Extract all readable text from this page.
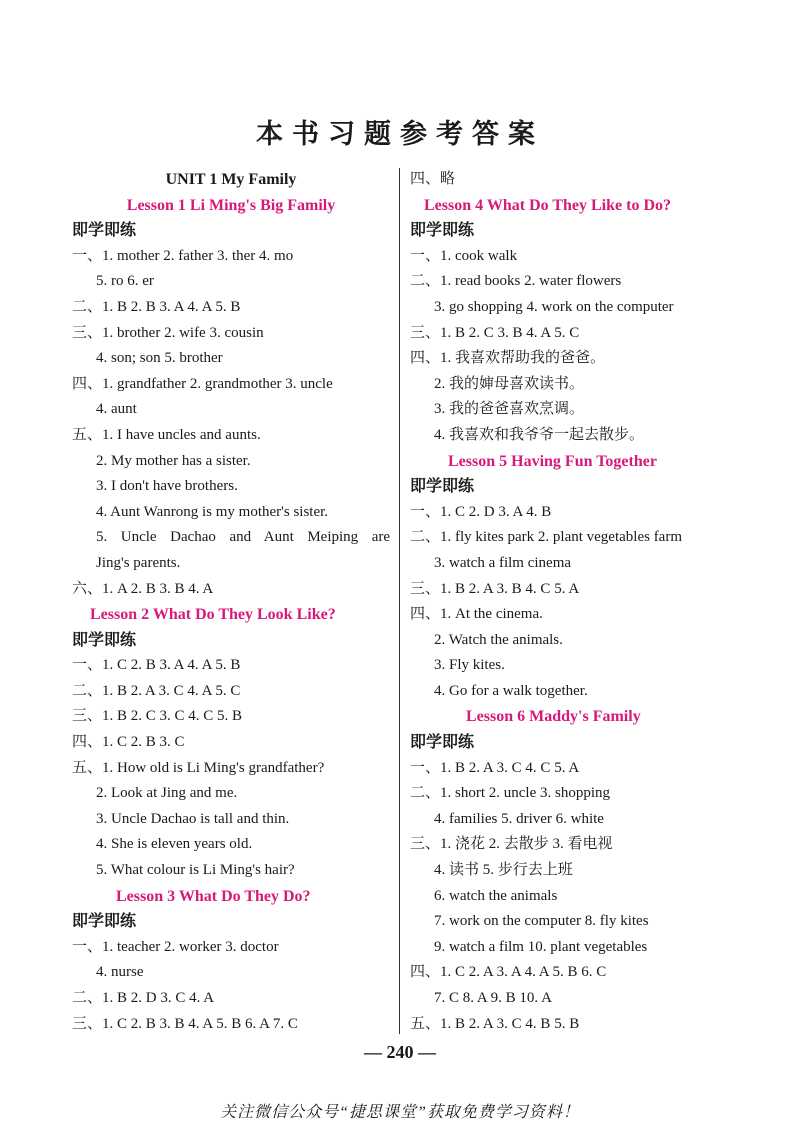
本书习题参考答案
UNIT 1 My Family
Lesson 1 Li Ming's Big Family
即学即练
一、1. mother 2. father 3. ther 4. mo
5. ro 6. er
二、1. B 2. B 3. A 4. A 5. B
三、1. brother 2. wife 3. cousin
4. son; son 5. brother
四、1. grandfather 2. grandmother 3. uncle
4. aunt
五、1. I have uncles and aunts.
2. My mother has a sister.
3. I don't have brothers.
4. Aunt Wanrong is my mother's sister.
5. Uncle Dachao and Aunt Meiping are
Jing's parents.
六、1. A 2. B 3. B 4. A
Lesson 2 What Do They Look Like?
即学即练
一、1. C 2. B 3. A 4. A 5. B
二、1. B 2. A 3. C 4. A 5. C
三、1. B 2. C 3. C 4. C 5. B
四、1. C 2. B 3. C
五、1. How old is Li Ming's grandfather?
2. Look at Jing and me.
3. Uncle Dachao is tall and thin.
4. She is eleven years old.
5. What colour is Li Ming's hair?
Lesson 3 What Do They Do?
即学即练
一、1. teacher 2. worker 3. doctor
4. nurse
二、1. B 2. D 3. C 4. A
三、1. C 2. B 3. B 4. A 5. B 6. A 7. C
四、略
Lesson 4 What Do They Like to Do?
即学即练
一、1. cook walk
二、1. read books 2. water flowers
3. go shopping 4. work on the computer
三、1. B 2. C 3. B 4. A 5. C
四、1. 我喜欢帮助我的爸爸。
2. 我的婶母喜欢读书。
3. 我的爸爸喜欢烹调。
4. 我喜欢和我爷爷一起去散步。
Lesson 5 Having Fun Together
即学即练
一、1. C 2. D 3. A 4. B
二、1. fly kites park 2. plant vegetables farm
3. watch a film cinema
三、1. B 2. A 3. B 4. C 5. A
四、1. At the cinema.
2. Watch the animals.
3. Fly kites.
4. Go for a walk together.
Lesson 6 Maddy's Family
即学即练
一、1. B 2. A 3. C 4. C 5. A
二、1. short 2. uncle 3. shopping
4. families 5. driver 6. white
三、1. 浇花 2. 去散步 3. 看电视
4. 读书 5. 步行去上班
6. watch the animals
7. work on the computer 8. fly kites
9. watch a film 10. plant vegetables
四、1. C 2. A 3. A 4. A 5. B 6. C
7. C 8. A 9. B 10. A
五、1. B 2. A 3. C 4. B 5. B
— 240 —
关注微信公众号“捷思课堂”获取免费学习资料！
